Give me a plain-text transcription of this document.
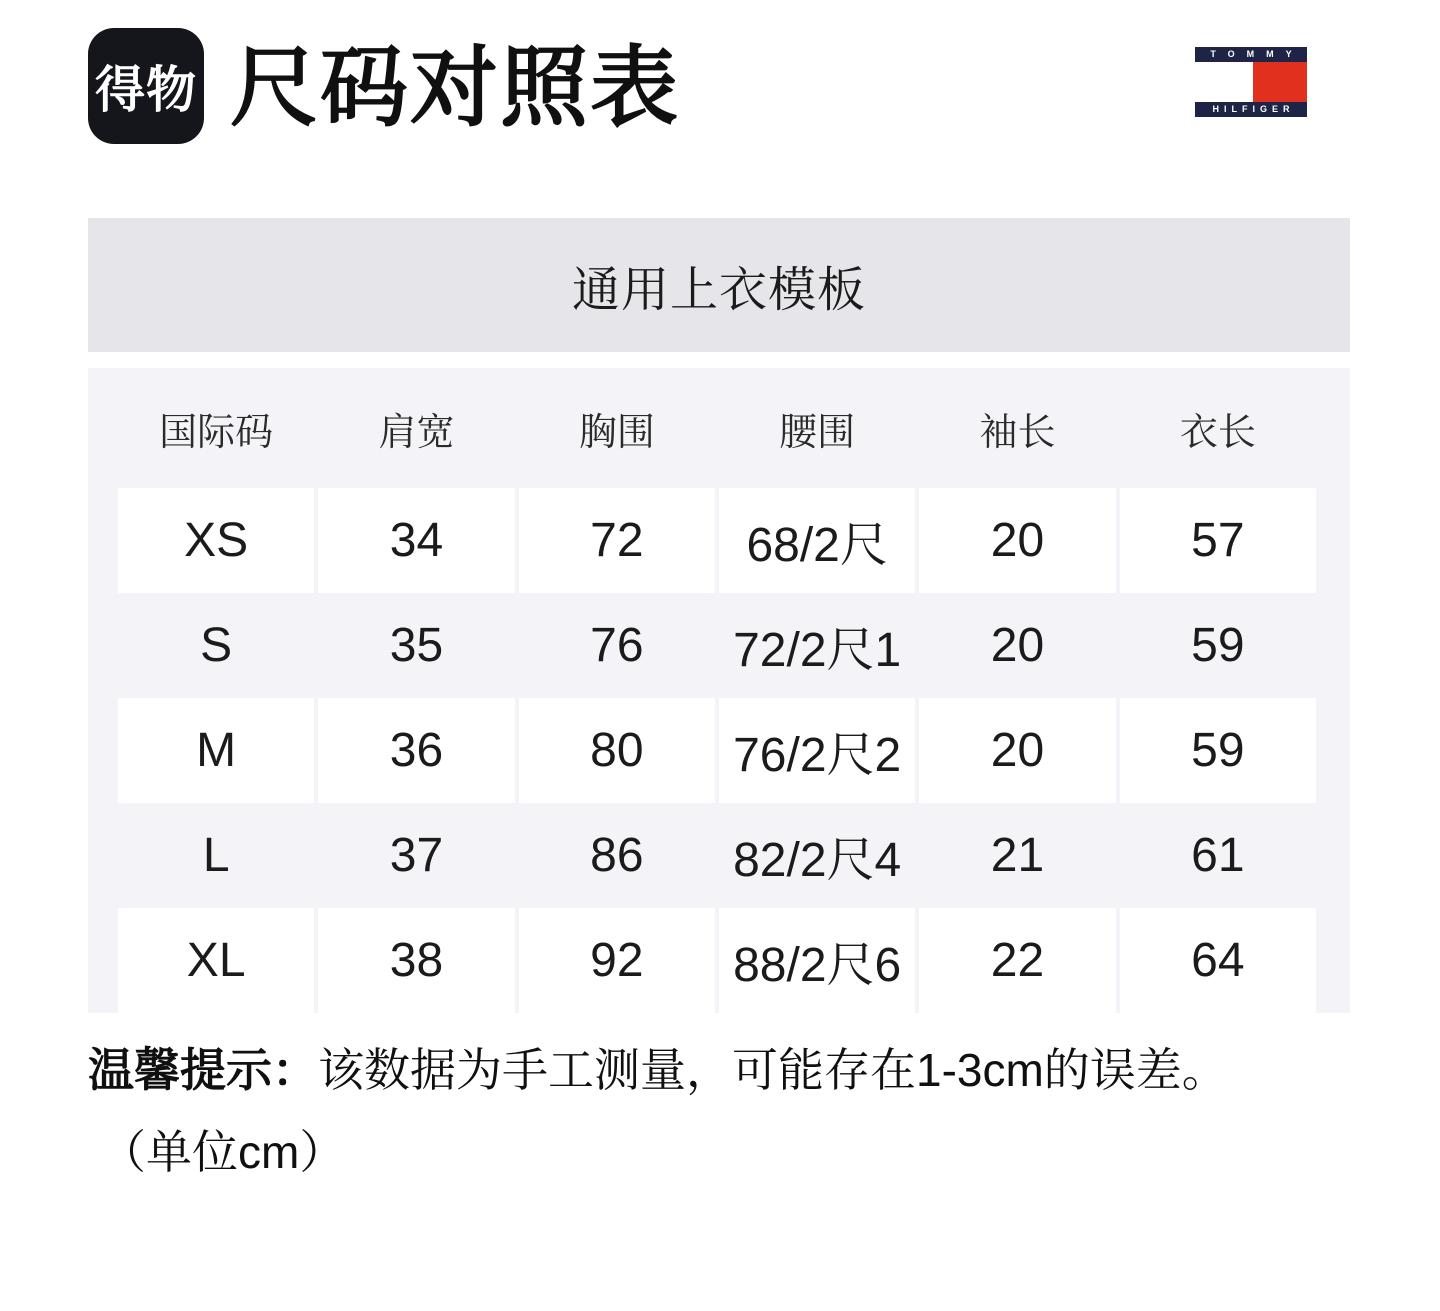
得物 尺码对照表	TOMMY
HILFIGER
通用上衣模板
国际码	肩宽	胸围	腰围	袖长	衣长
XS	34	72	68/2尺	20	57
S	35	76	72/2尺1	20	59
M	36	80	76/2尺2	20	59
L	37	86	82/2尺4	21	61
XL	38	92	88/2尺6	22	64

温馨提示：该数据为手工测量，可能存在1-3cm的误差。

（单位cm）
